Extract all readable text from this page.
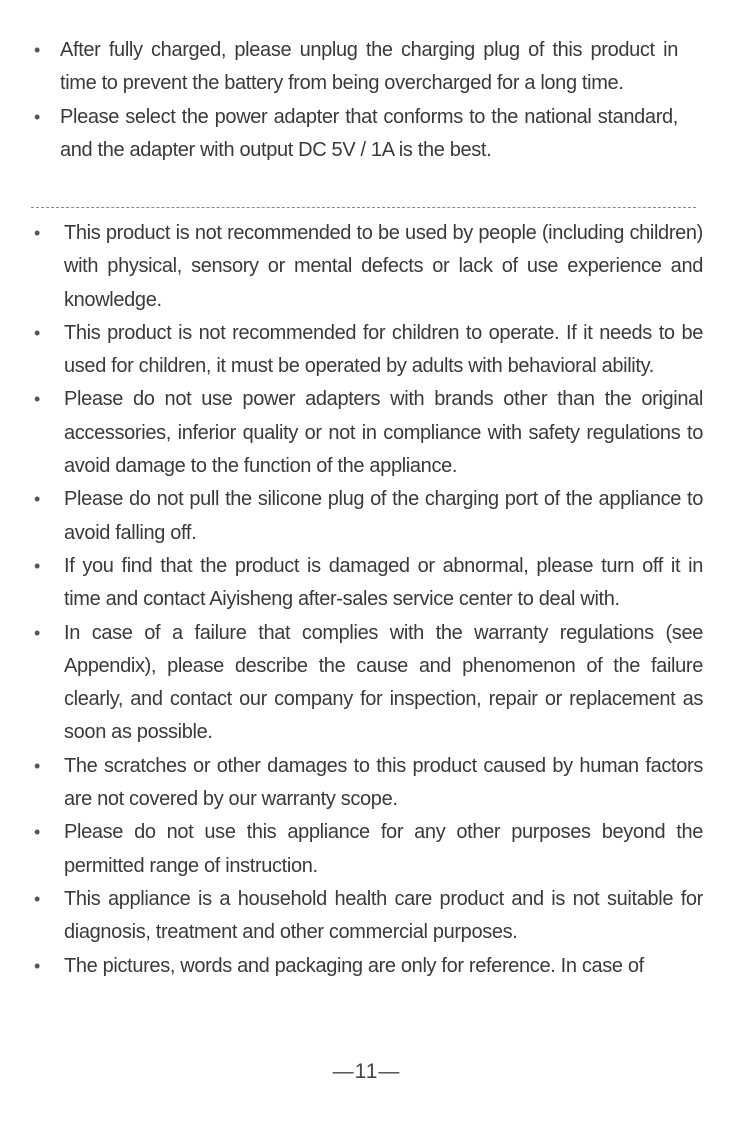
• After fully charged, please unplug the charging plug of this product in time to prevent the battery from being overcharged for a long time.
• Please select the power adapter that conforms to the national standard, and the adapter with output DC 5V / 1A is the best.
• This product is not recommended to be used by people (including children) with physical, sensory or mental defects or lack of use experience and knowledge.
• This product is not recommended for children to operate. If it needs to be used for children, it must be operated by adults with behavioral ability.
• Please do not use power adapters with brands other than the original accessories, inferior quality or not in compliance with safety regulations to avoid damage to the function of the appliance.
• Please do not pull the silicone plug of the charging port of the appliance to avoid falling off.
• If you find that the product is damaged or abnormal, please turn off it in time and contact Aiyisheng after-sales service center to deal with.
• In case of a failure that complies with the warranty regulations (see Appendix), please describe the cause and phenomenon of the failure clearly, and contact our company for inspection, repair or replacement as soon as possible.
• The scratches or other damages to this product caused by human factors are not covered by our warranty scope.
• Please do not use this appliance for any other purposes beyond the permitted range of instruction.
• This appliance is a household health care product and is not suitable for diagnosis, treatment and other commercial purposes.
• The pictures, words and packaging are only for reference. In case of
—11—
